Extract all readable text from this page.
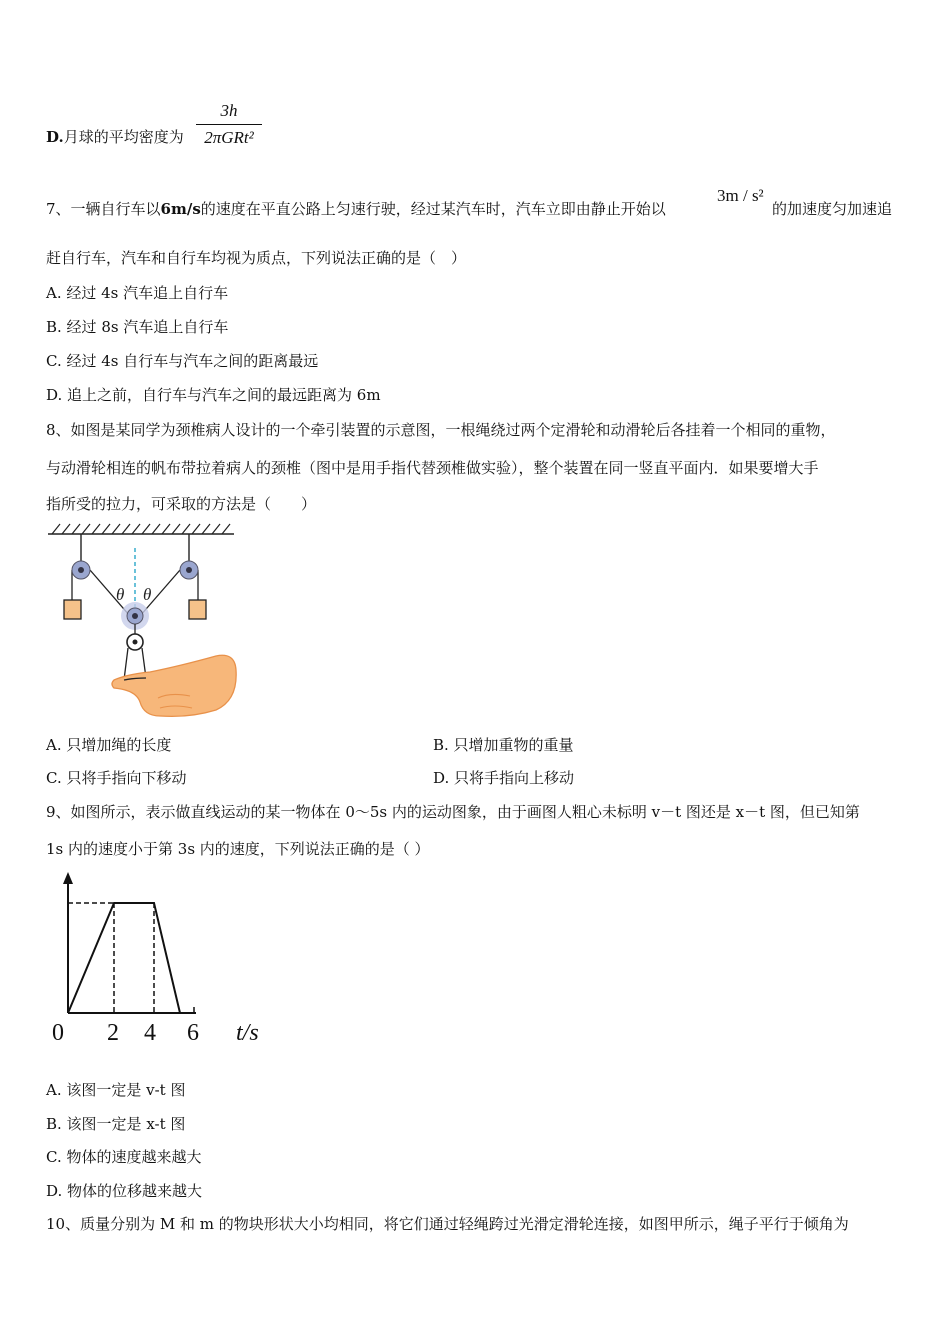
D.月球的平均密度为
3h
2πGRt²
7、一辆自行车以6m/s的速度在平直公路上匀速行驶，经过某汽车时，汽车立即由静止开始以
3m / s²
的加速度匀加速追
赶自行车，汽车和自行车均视为质点，下列说法正确的是（　）
A. 经过 4s 汽车追上自行车
B. 经过 8s 汽车追上自行车
C. 经过 4s 自行车与汽车之间的距离最远
D. 追上之前，自行车与汽车之间的最远距离为 6m
8、如图是某同学为颈椎病人设计的一个牵引装置的示意图，一根绳绕过两个定滑轮和动滑轮后各挂着一个相同的重物，
与动滑轮相连的帆布带拉着病人的颈椎（图中是用手指代替颈椎做实验），整个装置在同一竖直平面内．如果要增大手
指所受的拉力，可采取的方法是（　　）
θ θ
A. 只增加绳的长度	B. 只增加重物的重量
C. 只将手指向下移动	D. 只将手指向上移动
9、如图所示，表示做直线运动的某一物体在 0～5s 内的运动图象，由于画图人粗心未标明 v－t 图还是 x－t 图，但已知第
1s 内的速度小于第 3s 内的速度，下列说法正确的是（ ）
0 2 4 6 t/s
A. 该图一定是 v-t 图
B. 该图一定是 x-t 图
C. 物体的速度越来越大
D. 物体的位移越来越大
10、质量分别为 M 和 m 的物块形状大小均相同，将它们通过轻绳跨过光滑定滑轮连接，如图甲所示，绳子平行于倾角为
